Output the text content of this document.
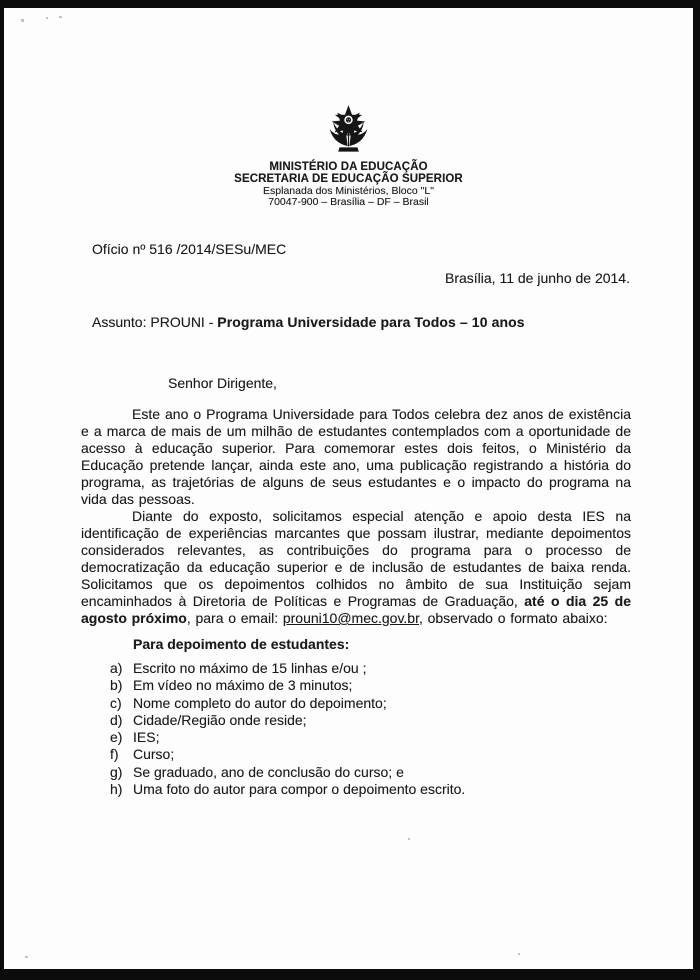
MINISTÉRIO DA EDUCAÇÃO
SECRETARIA DE EDUCAÇÃO SUPERIOR
Esplanada dos Ministérios, Bloco "L"
70047-900 – Brasília – DF – Brasil
Ofício nº 516 /2014/SESu/MEC
Brasília, 11 de junho de 2014.
Assunto: PROUNI - Programa Universidade para Todos – 10 anos
Senhor Dirigente,

Este ano o Programa Universidade para Todos celebra dez anos de existência e a marca de mais de um milhão de estudantes contemplados com a oportunidade de acesso à educação superior. Para comemorar estes dois feitos, o Ministério da Educação pretende lançar, ainda este ano, uma publicação registrando a história do programa, as trajetórias de alguns de seus estudantes e o impacto do programa na vida das pessoas.

Diante do exposto, solicitamos especial atenção e apoio desta IES na identificação de experiências marcantes que possam ilustrar, mediante depoimentos considerados relevantes, as contribuições do programa para o processo de democratização da educação superior e de inclusão de estudantes de baixa renda. Solicitamos que os depoimentos colhidos no âmbito de sua Instituição sejam encaminhados à Diretoria de Políticas e Programas de Graduação, até o dia 25 de agosto próximo, para o email: prouni10@mec.gov.br, observado o formato abaixo:

Para depoimento de estudantes:
a) Escrito no máximo de 15 linhas e/ou ;
b) Em vídeo no máximo de 3 minutos;
c) Nome completo do autor do depoimento;
d) Cidade/Região onde reside;
e) IES;
f) Curso;
g) Se graduado, ano de conclusão do curso; e
h) Uma foto do autor para compor o depoimento escrito.
